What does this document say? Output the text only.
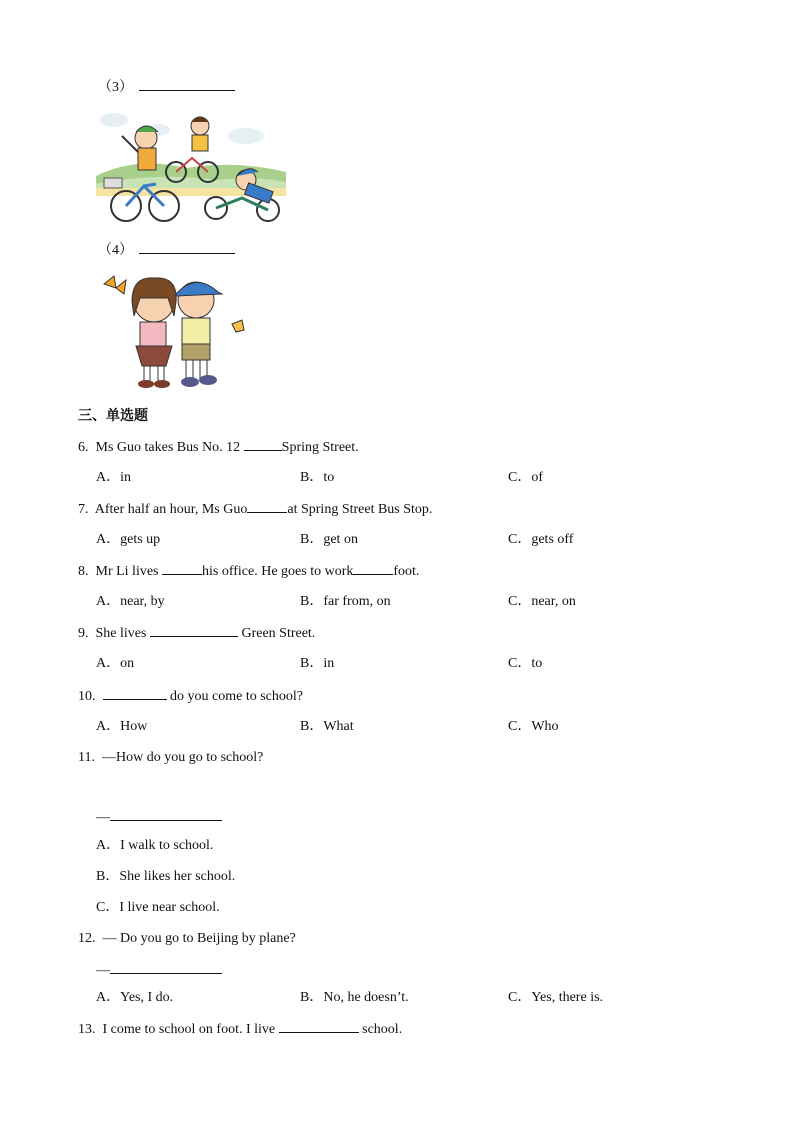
（3）
（4）
三、单选题
6. Ms Guo takes Bus No. 12	Spring Street.
A．in	B．to	C．of
7. After half an hour, Ms Guo	at Spring Street Bus Stop.
A．gets up	B．get on	C．gets off
8. Mr Li lives	his office. He goes to work	foot.
A．near, by	B．far from, on	C．near, on
9. She lives	Green Street.
A．on	B．in	C．to
10.	do you come to school?
A．How	B．What	C．Who
11. —How do you go to school?
—
A．I walk to school.
B．She likes her school.
C．I live near school.
12. — Do you go to Beijing by plane?
—
A．Yes, I do.	B．No, he doesn’t.	C．Yes, there is.
13. I come to school on foot. I live	school.
